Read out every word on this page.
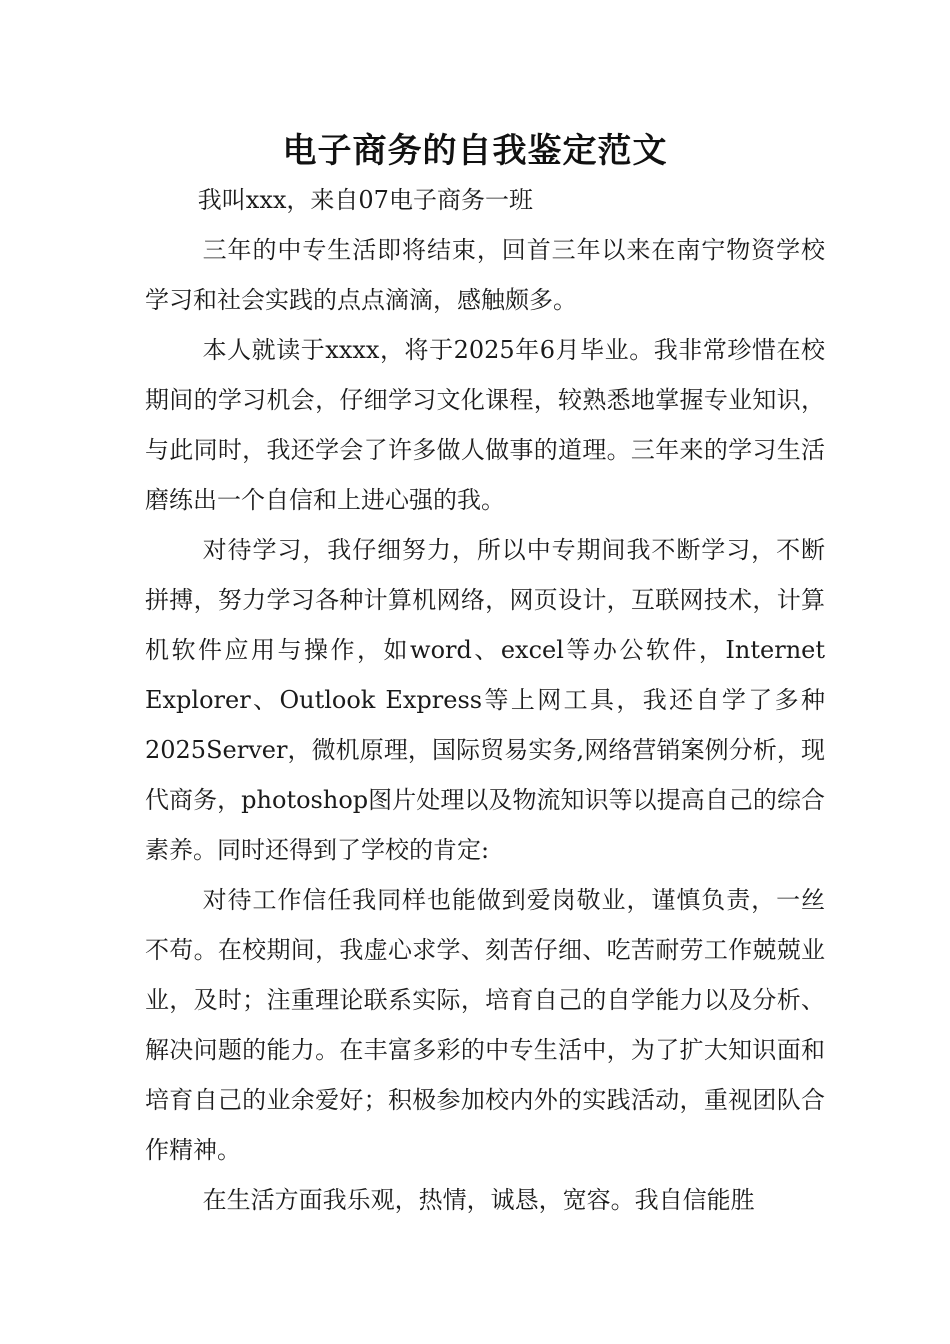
电子商务的自我鉴定范文

我叫xxx，来自07电子商务一班

三年的中专生活即将结束，回首三年以来在南宁物资学校学习和社会实践的点点滴滴，感触颇多。

本人就读于xxxx，将于2025年6月毕业。我非常珍惜在校期间的学习机会，仔细学习文化课程，较熟悉地掌握专业知识，与此同时，我还学会了许多做人做事的道理。三年来的学习生活磨练出一个自信和上进心强的我。

对待学习，我仔细努力，所以中专期间我不断学习，不断拼搏，努力学习各种计算机网络，网页设计，互联网技术，计算机软件应用与操作，如word、excel等办公软件，Internet Explorer、Outlook Express等上网工具，我还自学了多种2025Server，微机原理，国际贸易实务,网络营销案例分析，现代商务，photoshop图片处理以及物流知识等以提高自己的综合素养。同时还得到了学校的肯定:

对待工作信任我同样也能做到爱岗敬业，谨慎负责，一丝不苟。在校期间，我虚心求学、刻苦仔细、吃苦耐劳工作兢兢业业，及时；注重理论联系实际，培育自己的自学能力以及分析、解决问题的能力。在丰富多彩的中专生活中，为了扩大知识面和培育自己的业余爱好；积极参加校内外的实践活动，重视团队合作精神。

在生活方面我乐观，热情，诚恳，宽容。我自信能胜
